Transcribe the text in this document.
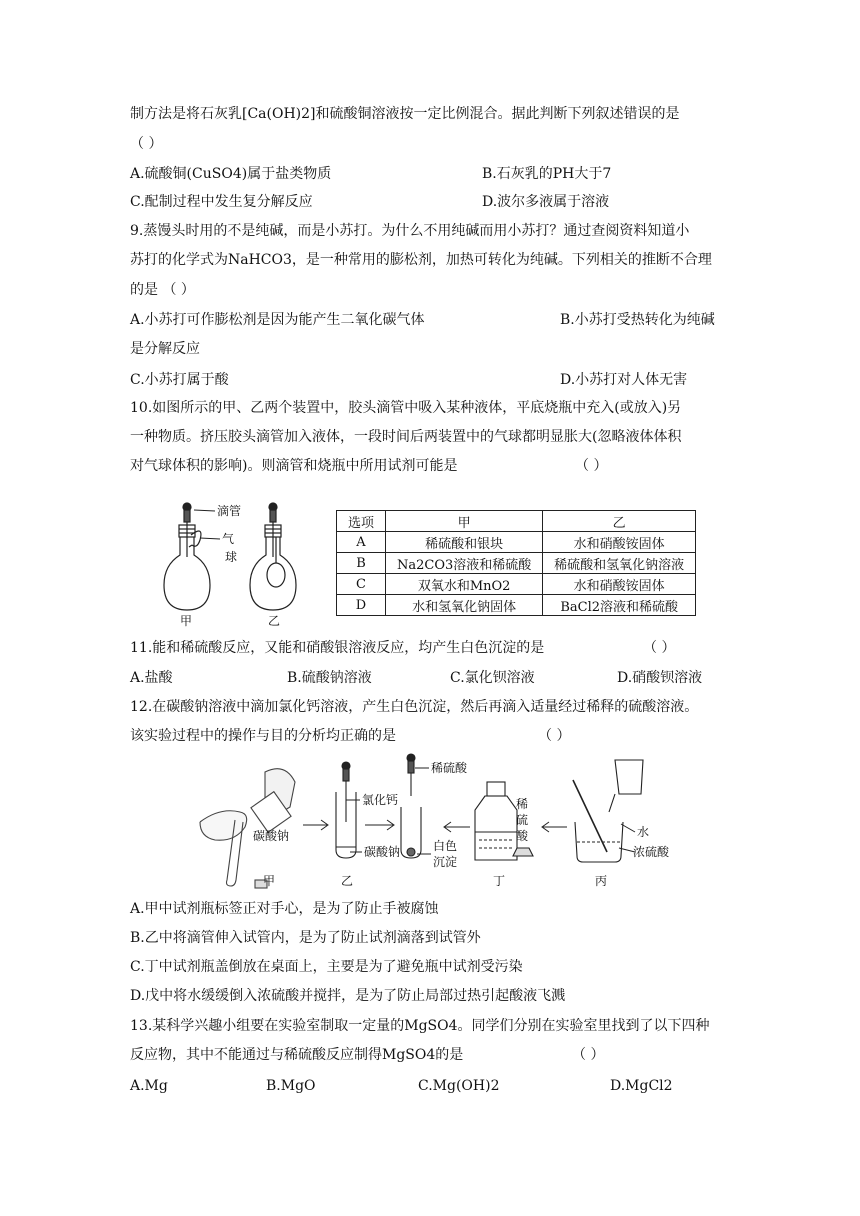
制方法是将石灰乳[Ca(OH)2]和硫酸铜溶液按一定比例混合。据此判断下列叙述错误的是
（ ）
A.硫酸铜(CuSO4)属于盐类物质	B.石灰乳的PH大于7
C.配制过程中发生复分解反应	D.波尔多液属于溶液
9.蒸馒头时用的不是纯碱，而是小苏打。为什么不用纯碱而用小苏打？通过查阅资料知道小
苏打的化学式为NaHCO3，是一种常用的膨松剂，加热可转化为纯碱。下列相关的推断不合理
的是 （ ）
A.小苏打可作膨松剂是因为能产生二氧化碳气体	B.小苏打受热转化为纯碱
是分解反应
C.小苏打属于酸	D.小苏打对人体无害
10.如图所示的甲、乙两个装置中，胶头滴管中吸入某种液体，平底烧瓶中充入(或放入)另
一种物质。挤压胶头滴管加入液体，一段时间后两装置中的气球都明显胀大(忽略液体体积
对气球体积的影响)。则滴管和烧瓶中所用试剂可能是	（ ）
滴管
气
球
甲	乙
选项	甲	乙
A	稀硫酸和银块	水和硝酸铵固体
B	Na2CO3溶液和稀硫酸	稀硫酸和氢氧化钠溶液
C	双氧水和MnO2	水和硝酸铵固体
D	水和氢氧化钠固体	BaCl2溶液和稀硫酸
11.能和稀硫酸反应，又能和硝酸银溶液反应，均产生白色沉淀的是	（ ）
A.盐酸	B.硫酸钠溶液	C.氯化钡溶液	D.硝酸钡溶液
12.在碳酸钠溶液中滴加氯化钙溶液，产生白色沉淀，然后再滴入适量经过稀释的硫酸溶液。
该实验过程中的操作与目的分析均正确的是	（ ）
碳酸钠
氯化钙
碳酸钠
稀硫酸
白色
沉淀
稀
硫
酸	水
浓硫酸
甲	乙	丁	丙
A.甲中试剂瓶标签正对手心，是为了防止手被腐蚀
B.乙中将滴管伸入试管内，是为了防止试剂滴落到试管外
C.丁中试剂瓶盖倒放在桌面上，主要是为了避免瓶中试剂受污染
D.戊中将水缓缓倒入浓硫酸并搅拌，是为了防止局部过热引起酸液飞溅
13.某科学兴趣小组要在实验室制取一定量的MgSO4。同学们分别在实验室里找到了以下四种
反应物，其中不能通过与稀硫酸反应制得MgSO4的是	（ ）
A.Mg	B.MgO	C.Mg(OH)2	D.MgCl2
